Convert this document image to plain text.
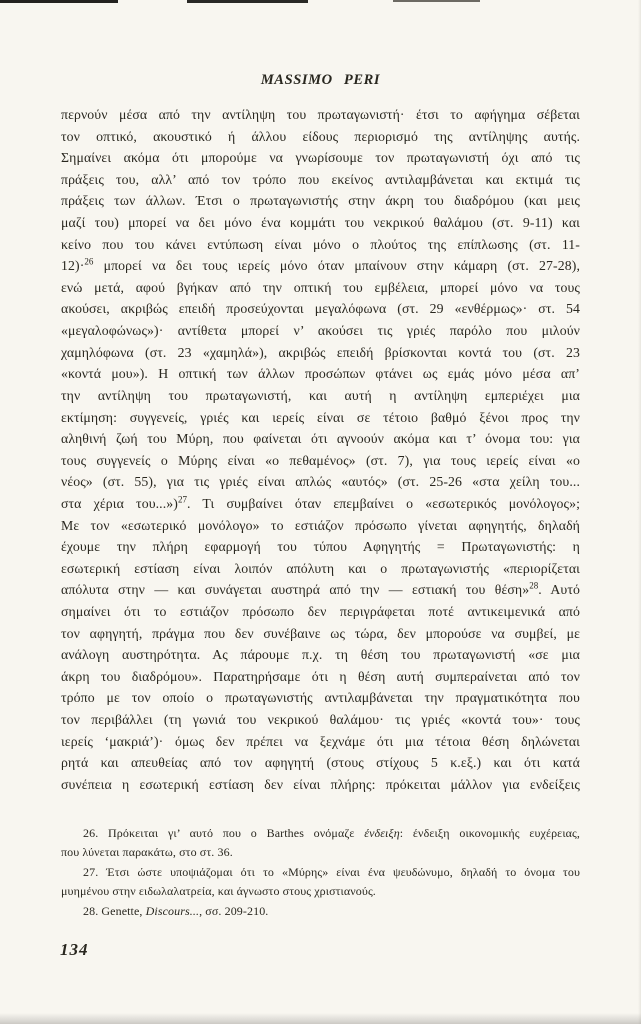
MASSIMO PERI
περνούν μέσα από την αντίληψη του πρωταγωνιστή· έτσι το αφήγημα σέβεται
τον οπτικό, ακουστικό ή άλλου είδους περιορισμό της αντίληψης αυτής.
Σημαίνει ακόμα ότι μπορούμε να γνωρίσουμε τον πρωταγωνιστή όχι από τις
πράξεις του, αλλ’ από τον τρόπο που εκείνος αντιλαμβάνεται και εκτιμά τις
πράξεις των άλλων. Έτσι ο πρωταγωνιστής στην άκρη του διαδρόμου (και μεις
μαζί του) μπορεί να δει μόνο ένα κομμάτι του νεκρικού θαλάμου (στ. 9-11) και
κείνο που του κάνει εντύπωση είναι μόνο ο πλούτος της επίπλωσης (στ. 11-
12)·$^{26}$ μπορεί να δει τους ιερείς μόνο όταν μπαίνουν στην κάμαρη (στ. 27-28),
ενώ μετά, αφού βγήκαν από την οπτική του εμβέλεια, μπορεί μόνο να τους
ακούσει, ακριβώς επειδή προσεύχονται μεγαλόφωνα (στ. 29 «ενθέρμως»· στ. 54
«μεγαλοφώνως»)· αντίθετα μπορεί ν’ ακούσει τις γριές παρόλο που μιλούν
χαμηλόφωνα (στ. 23 «χαμηλά»), ακριβώς επειδή βρίσκονται κοντά του (στ. 23
«κοντά μου»). Η οπτική των άλλων προσώπων φτάνει ως εμάς μόνο μέσα απ’
την αντίληψη του πρωταγωνιστή, και αυτή η αντίληψη εμπεριέχει μια
εκτίμηση: συγγενείς, γριές και ιερείς είναι σε τέτοιο βαθμό ξένοι προς την
αληθινή ζωή του Μύρη, που φαίνεται ότι αγνοούν ακόμα και τ’ όνομα του: για
τους συγγενείς ο Μύρης είναι «ο πεθαμένος» (στ. 7), για τους ιερείς είναι «ο
νέος» (στ. 55), για τις γριές είναι απλώς «αυτός» (στ. 25-26 «στα χείλη του...
στα χέρια του...»)$^{27}$. Τι συμβαίνει όταν επεμβαίνει ο «εσωτερικός μονόλογος»;
Με τον «εσωτερικό μονόλογο» το εστιάζον πρόσωπο γίνεται αφηγητής, δηλαδή
έχουμε την πλήρη εφαρμογή του τύπου Αφηγητής = Πρωταγωνιστής: η
εσωτερική εστίαση είναι λοιπόν απόλυτη και ο πρωταγωνιστής «περιορίζεται
απόλυτα στην — και συνάγεται αυστηρά από την — εστιακή του θέση»$^{28}$. Αυτό
σημαίνει ότι το εστιάζον πρόσωπο δεν περιγράφεται ποτέ αντικειμενικά από
τον αφηγητή, πράγμα που δεν συνέβαινε ως τώρα, δεν μπορούσε να συμβεί, με
ανάλογη αυστηρότητα. Ας πάρουμε π.χ. τη θέση του πρωταγωνιστή «σε μια
άκρη του διαδρόμου». Παρατηρήσαμε ότι η θέση αυτή συμπεραίνεται από τον
τρόπο με τον οποίο ο πρωταγωνιστής αντιλαμβάνεται την πραγματικότητα που
τον περιβάλλει (τη γωνιά του νεκρικού θαλάμου· τις γριές «κοντά του»· τους
ιερείς ‘μακριά’)· όμως δεν πρέπει να ξεχνάμε ότι μια τέτοια θέση δηλώνεται
ρητά και απευθείας από τον αφηγητή (στους στίχους 5 κ.εξ.) και ότι κατά
συνέπεια η εσωτερική εστίαση δεν είναι πλήρης: πρόκειται μάλλον για ενδείξεις
26. Πρόκειται γι’ αυτό που ο Barthes ονόμαζε ένδειξη: ένδειξη οικονομικής ευχέρειας,
που λύνεται παρακάτω, στο στ. 36.
27. Έτσι ώστε υποψιάζομαι ότι το «Μύρης» είναι ένα ψευδώνυμο, δηλαδή το όνομα του
μυημένου στην ειδωλαλατρεία, και άγνωστο στους χριστιανούς.
28. Genette, Discours..., σσ. 209-210.
134
